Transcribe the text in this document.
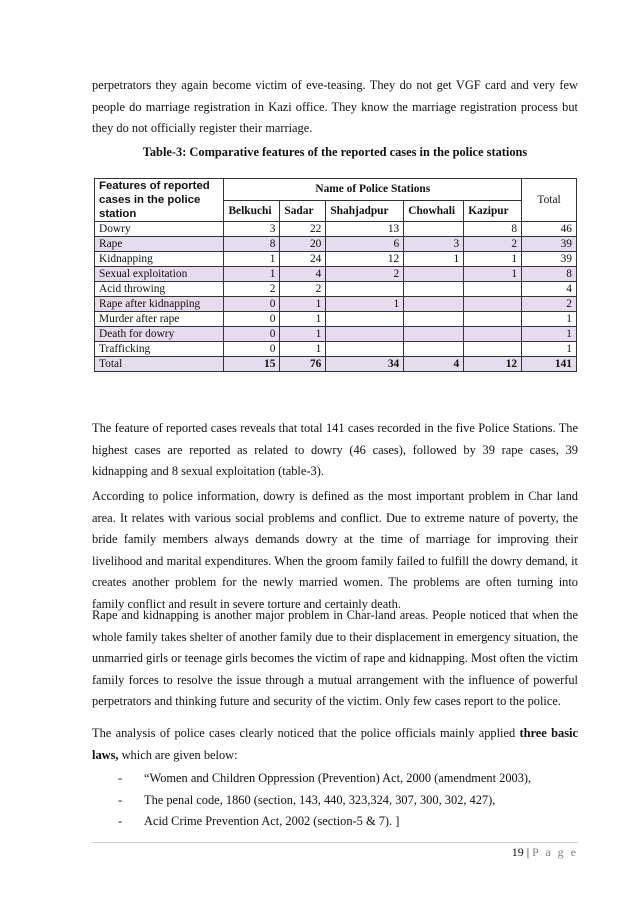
perpetrators they again become victim of eve-teasing. They do not get VGF card and very few people do marriage registration in Kazi office. They know the marriage registration process but they do not officially register their marriage.

Table-3: Comparative features of the reported cases in the police stations
Features of reported cases in the police station	Name of Police Stations					Total
	Belkuchi	Sadar	Shahjadpur	Chowhali	Kazipur	
Dowry	3	22	13		8	46
Rape	8	20	6	3	2	39
Kidnapping	1	24	12	1	1	39
Sexual exploitation	1	4	2		1	8
Acid throwing	2	2				4
Rape after kidnapping	0	1	1			2
Murder after rape	0	1				1
Death for dowry	0	1				1
Trafficking	0	1				1
Total	15	76	34	4	12	141

The feature of reported cases reveals that total 141 cases recorded in the five Police Stations. The highest cases are reported as related to dowry (46 cases), followed by 39 rape cases, 39 kidnapping and 8 sexual exploitation (table-3).

According to police information, dowry is defined as the most important problem in Char land area. It relates with various social problems and conflict. Due to extreme nature of poverty, the bride family members always demands dowry at the time of marriage for improving their livelihood and marital expenditures. When the groom family failed to fulfill the dowry demand, it creates another problem for the newly married women. The problems are often turning into family conflict and result in severe torture and certainly death.

Rape and kidnapping is another major problem in Char-land areas. People noticed that when the whole family takes shelter of another family due to their displacement in emergency situation, the unmarried girls or teenage girls becomes the victim of rape and kidnapping. Most often the victim family forces to resolve the issue through a mutual arrangement with the influence of powerful perpetrators and thinking future and security of the victim. Only few cases report to the police.

The analysis of police cases clearly noticed that the police officials mainly applied three basic laws, which are given below:

-	“Women and Children Oppression (Prevention) Act, 2000 (amendment 2003),
-	The penal code, 1860 (section, 143, 440, 323,324, 307, 300, 302, 427),
-	Acid Crime Prevention Act, 2002 (section-5 & 7). ]
19 | P a g e
